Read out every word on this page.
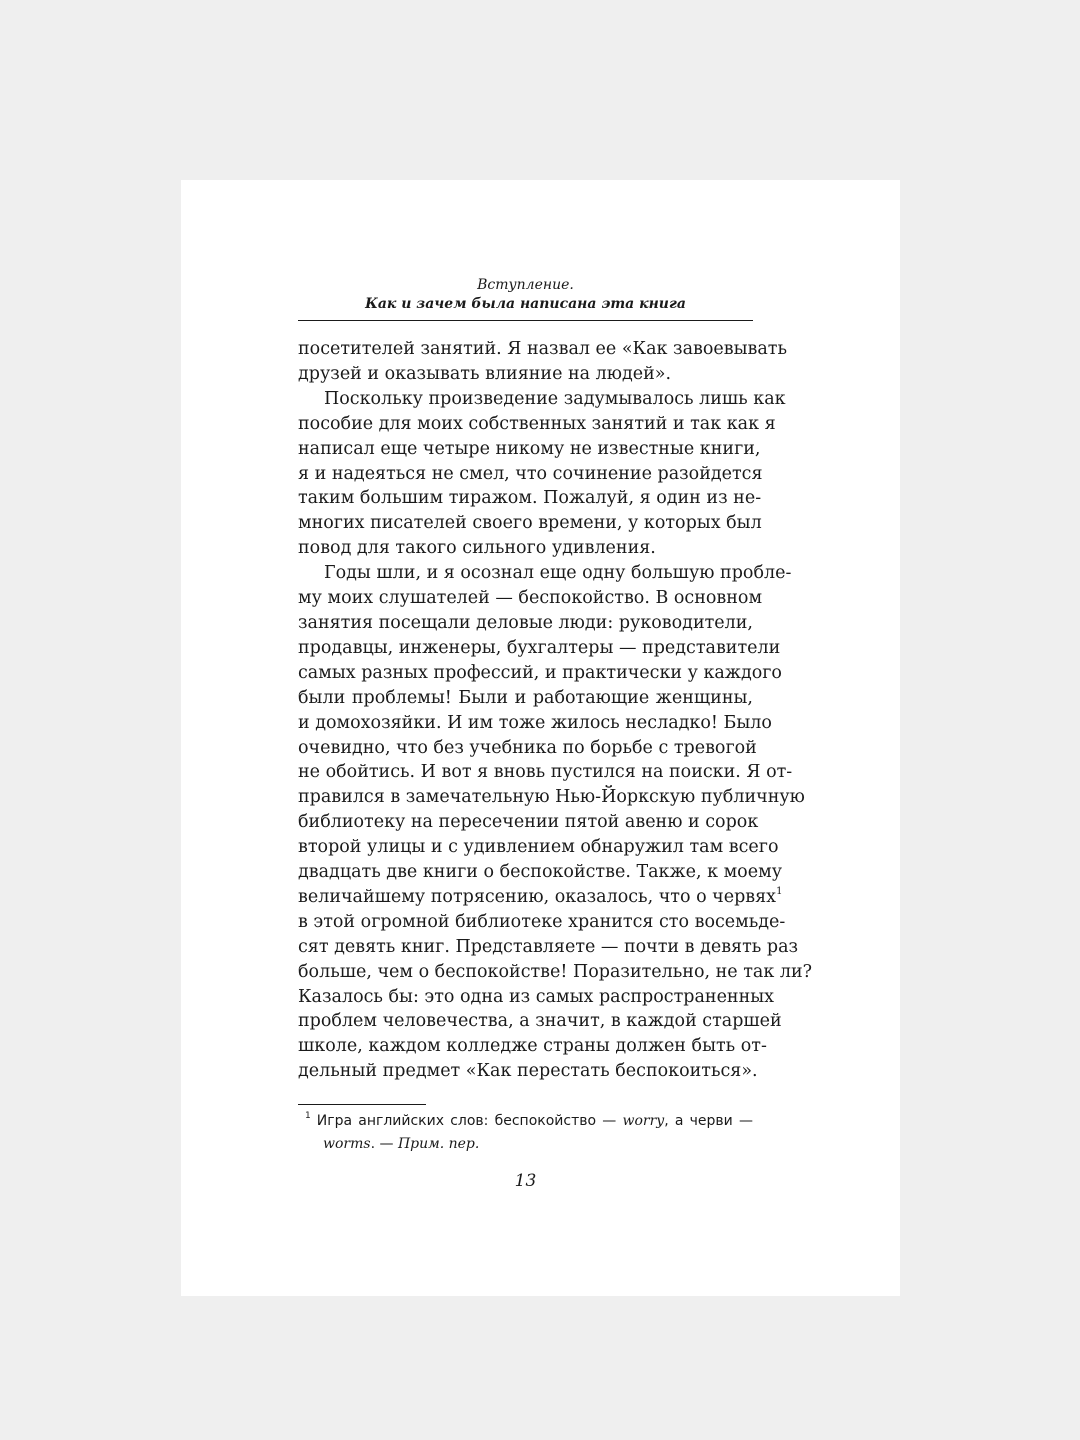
Вступление.
Как и зачем была написана эта книга
посетителей занятий. Я назвал ее «Как завоевывать
друзей и оказывать влияние на людей».
Поскольку произведение задумывалось лишь как
пособие для моих собственных занятий и так как я
написал еще четыре никому не известные книги,
я и надеяться не смел, что сочинение разойдется
таким большим тиражом. Пожалуй, я один из не-
многих писателей своего времени, у которых был
повод для такого сильного удивления.
Годы шли, и я осознал еще одну большую пробле-
му моих слушателей — беспокойство. В основном
занятия посещали деловые люди: руководители,
продавцы, инженеры, бухгалтеры — представители
самых разных профессий, и практически у каждого
были проблемы! Были и работающие женщины,
и домохозяйки. И им тоже жилось несладко! Было
очевидно, что без учебника по борьбе с тревогой
не обойтись. И вот я вновь пустился на поиски. Я от-
правился в замечательную Нью-Йоркскую публичную
библиотеку на пересечении пятой авеню и сорок
второй улицы и с удивлением обнаружил там всего
двадцать две книги о беспокойстве. Также, к моему
величайшему потрясению, оказалось, что о червях$^1$
в этой огромной библиотеке хранится сто восемьде-
сят девять книг. Представляете — почти в девять раз
больше, чем о беспокойстве! Поразительно, не так ли?
Казалось бы: это одна из самых распространенных
проблем человечества, а значит, в каждой старшей
школе, каждом колледже страны должен быть от-
дельный предмет «Как перестать беспокоиться».
$^1$ Игра английских слов: беспокойство — worry, а черви —
worms. — Прим. пер.
13
